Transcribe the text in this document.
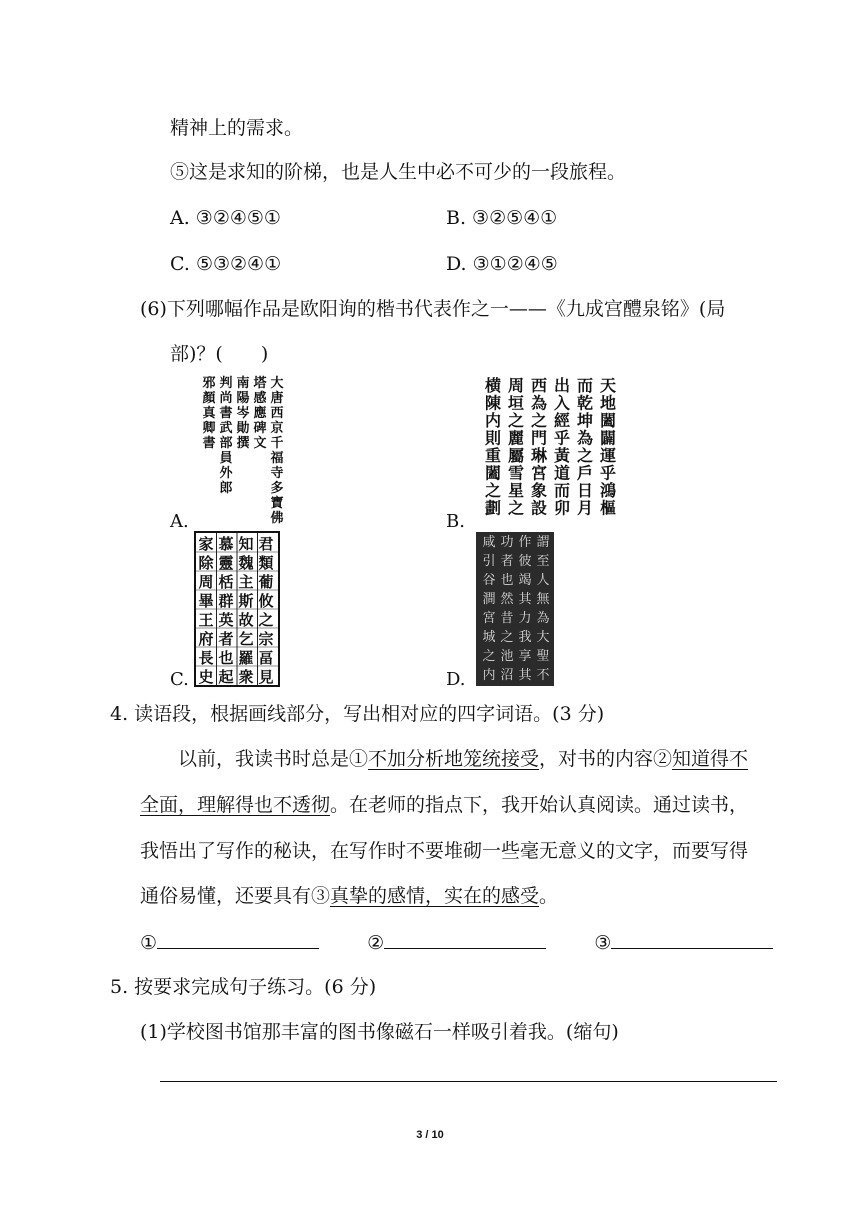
精神上的需求。
⑤这是求知的阶梯，也是人生中必不可少的一段旅程。
A. ③②④⑤①	B. ③②⑤④①
C. ⑤③②④①	D. ③①②④⑤
(6)下列哪幅作品是欧阳询的楷书代表作之一——《九成宫醴泉铭》(局
部)？(　　)
大
唐
西
京
千
福
寺
多
寶
佛
塔
感
應
碑
文
南
陽
岑
勛
撰
判
尚
書
武
部
員
外
郎
邪
顏
真
卿
書
A.
天
地
闔
闢
運
乎
鴻
樞
而
乾
坤
為
之
戶
日
月
出
入
經
乎
黃
道
而
卯
西
為
之
門
琳
宮
象
設
周
垣
之
麗
屬
雪
星
之
横
陳
内
則
重
闔
之
劃
B.
君
類
葡
攸
之
宗
畐
見
知
魏
主
斯
故
乞
羅
衆
慕
靈
栝
群
英
者
也
起
家
除
周
畢
王
府
長
史
C.
謂
至
人
無
為
大
聖
不
作
彼
竭
其
力
我
享
其
功
者
也
然
昔
之
池
沼
咸
引
谷
澗
宮
城
之
内
D.
4. 读语段，根据画线部分，写出相对应的四字词语。(3 分)
以前，我读书时总是①不加分析地笼统接受，对书的内容②知道得不
全面，理解得也不透彻。在老师的指点下，我开始认真阅读。通过读书，
我悟出了写作的秘诀，在写作时不要堆砌一些毫无意义的文字，而要写得
通俗易懂，还要具有③真挚的感情，实在的感受。
①	②	③
5. 按要求完成句子练习。(6 分)
(1)学校图书馆那丰富的图书像磁石一样吸引着我。(缩句)
3 / 10
